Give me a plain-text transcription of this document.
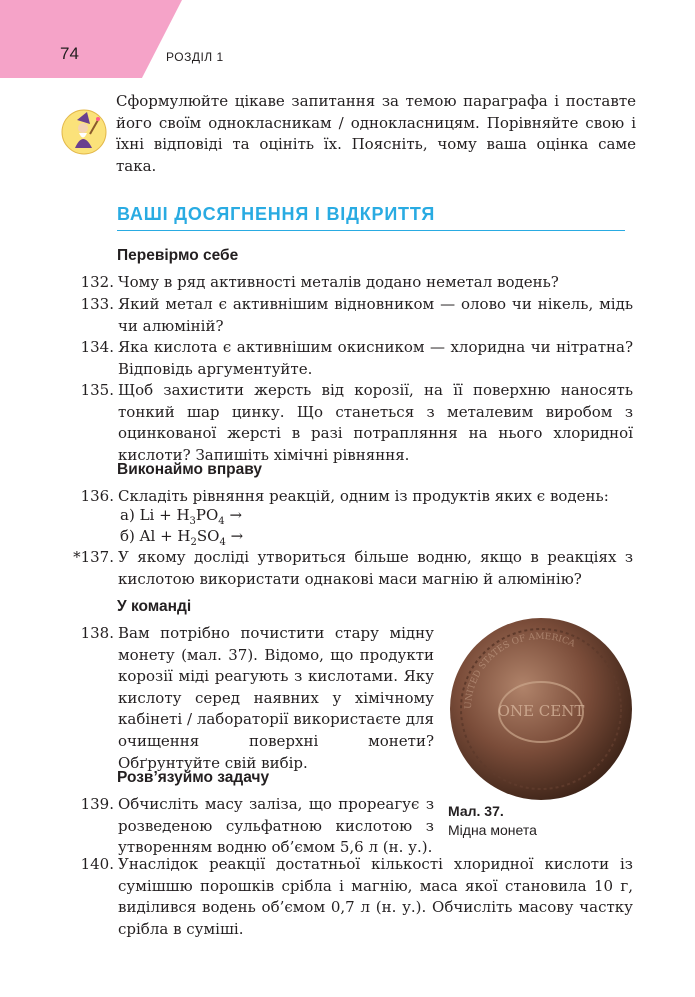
74	РОЗДІЛ 1
Сформулюйте цікаве запитання за темою параграфа і поставте його своїм однокласникам / однокласницям. Порівняйте свою і їхні відповіді та оцініть їх. Поясніть, чому ваша оцінка саме така.
ВАШІ ДОСЯГНЕННЯ І ВІДКРИТТЯ
Перевірмо себе
132. Чому в ряд активності металів додано неметал водень?
133. Який метал є активнішим відновником — олово чи нікель, мідь чи алюміній?
134. Яка кислота є активнішим окисником — хлоридна чи нітратна? Відповідь аргументуйте.
135. Щоб захистити жерсть від корозії, на її поверхню наносять тонкий шар цинку. Що станеться з металевим виробом з оцинкованої жерсті в разі потрапляння на нього хлоридної кислоти? Запишіть хімічні рівняння.
Виконаймо вправу
136. Складіть рівняння реакцій, одним із продуктів яких є водень:
а) $Li + H_3PO_4$ →
б) $Al + H_2SO_4$ →
*137. У якому досліді утвориться більше водню, якщо в реакціях з кислотою використати однакові маси магнію й алюмінію?
У команді
138. Вам потрібно почистити стару мідну монету (мал. 37). Відомо, що продукти корозії міді реагують з кислотами. Яку кислоту серед наявних у хімічному кабінеті / лабораторії використаєте для очищення поверхні монети? Обґрунтуйте свій вибір.
UNITED STATES OF AMERICA
ONE CENT
Розв’язуймо задачу
139. Обчисліть масу заліза, що прореагує з розведеною сульфатною кислотою з утворенням водню об’ємом 5,6 л (н. у.).
Мал. 37.
Мідна монета
140. Унаслідок реакції достатньої кількості хлоридної кислоти із сумішшю порошків срібла і магнію, маса якої становила 10 г, виділився водень об’ємом 0,7 л (н. у.). Обчисліть масову частку срібла в суміші.
